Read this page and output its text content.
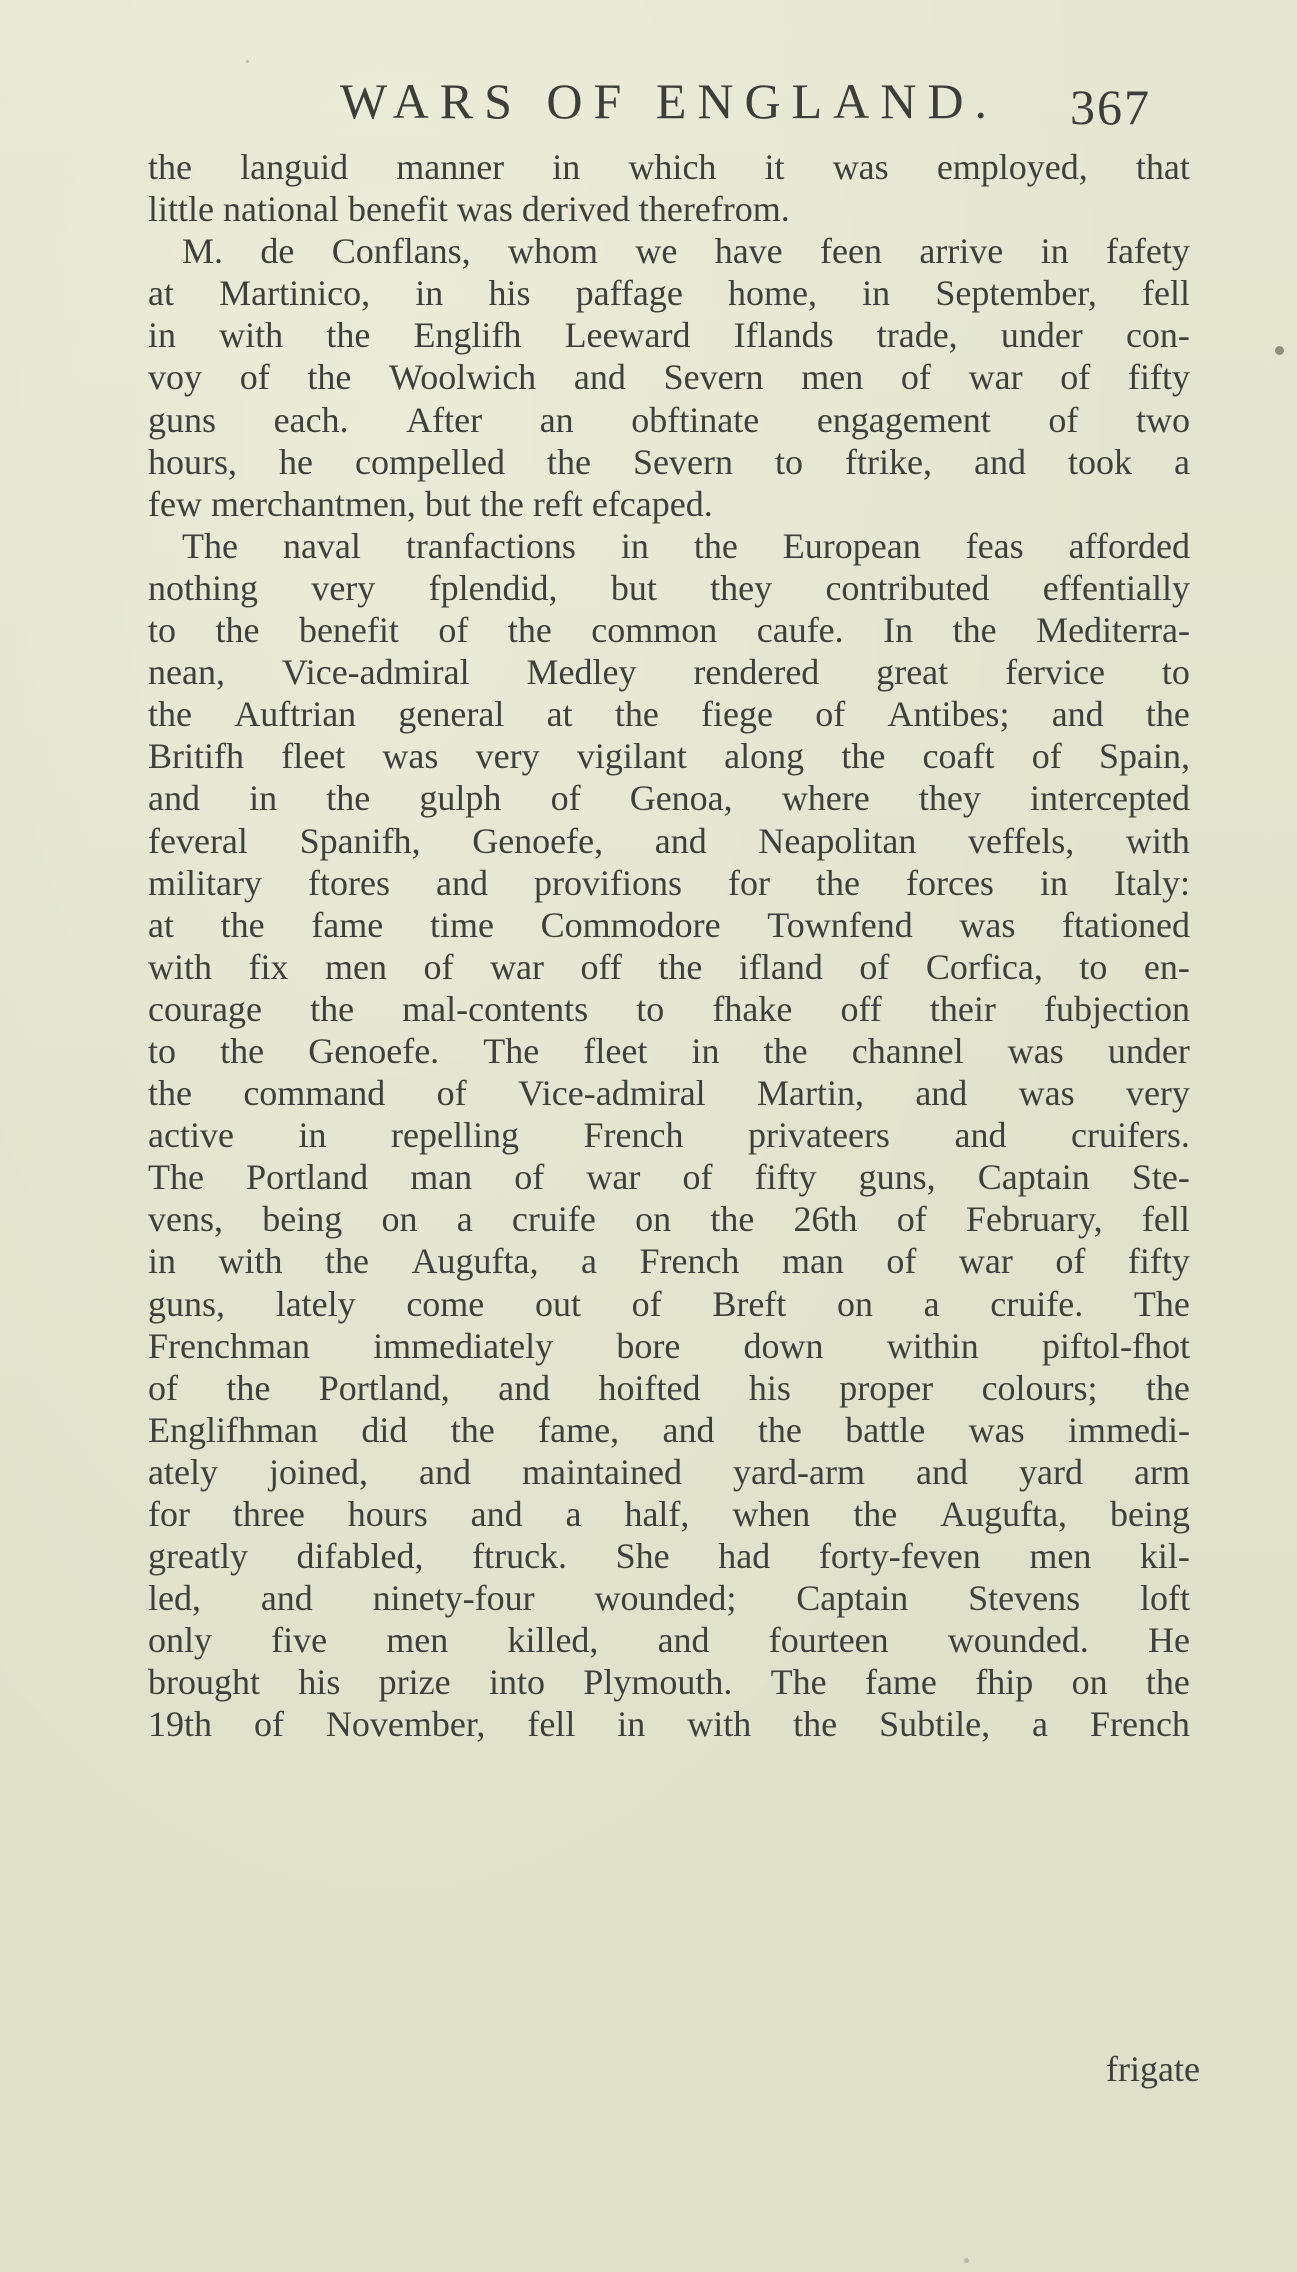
WARS OF ENGLAND. 367
the languid manner in which it was employed, that
little national benefit was derived therefrom.
M. de Conflans, whom we have feen arrive in fafety
at Martinico, in his paffage home, in September, fell
in with the Englifh Leeward Iflands trade, under con-
voy of the Woolwich and Severn men of war of fifty
guns each. After an obftinate engagement of two
hours, he compelled the Severn to ftrike, and took a
few merchantmen, but the reft efcaped.
The naval tranfactions in the European feas afforded
nothing very fplendid, but they contributed effentially
to the benefit of the common caufe. In the Mediterra-
nean, Vice-admiral Medley rendered great fervice to
the Auftrian general at the fiege of Antibes; and the
Britifh fleet was very vigilant along the coaft of Spain,
and in the gulph of Genoa, where they intercepted
feveral Spanifh, Genoefe, and Neapolitan veffels, with
military ftores and provifions for the forces in Italy:
at the fame time Commodore Townfend was ftationed
with fix men of war off the ifland of Corfica, to en-
courage the mal-contents to fhake off their fubjection
to the Genoefe. The fleet in the channel was under
the command of Vice-admiral Martin, and was very
active in repelling French privateers and cruifers.
The Portland man of war of fifty guns, Captain Ste-
vens, being on a cruife on the 26th of February, fell
in with the Augufta, a French man of war of fifty
guns, lately come out of Breft on a cruife. The
Frenchman immediately bore down within piftol-fhot
of the Portland, and hoifted his proper colours; the
Englifhman did the fame, and the battle was immedi-
ately joined, and maintained yard-arm and yard arm
for three hours and a half, when the Augufta, being
greatly difabled, ftruck. She had forty-feven men kil-
led, and ninety-four wounded; Captain Stevens loft
only five men killed, and fourteen wounded. He
brought his prize into Plymouth. The fame fhip on the
19th of November, fell in with the Subtile, a French
frigate
